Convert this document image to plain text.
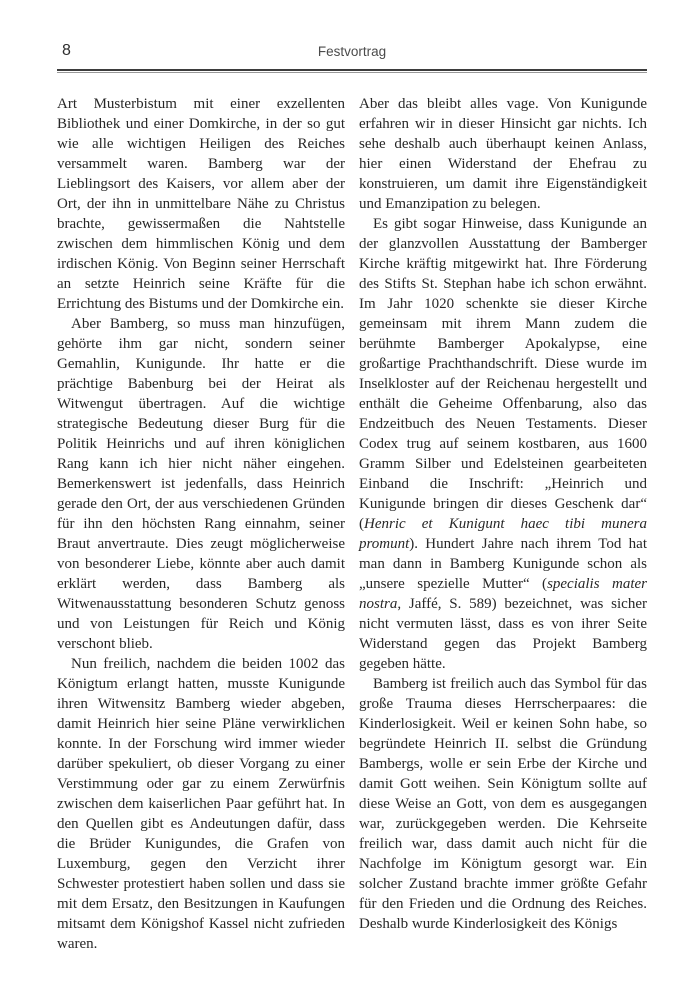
8	Festvortrag

Art Musterbistum mit einer exzellenten Bibliothek und einer Domkirche, in der so gut wie alle wichtigen Heiligen des Reiches versammelt waren. Bamberg war der Lieblingsort des Kaisers, vor allem aber der Ort, der ihn in unmittelbare Nähe zu Christus brachte, gewissermaßen die Nahtstelle zwischen dem himmlischen König und dem irdischen König. Von Beginn seiner Herrschaft an setzte Heinrich seine Kräfte für die Errichtung des Bistums und der Domkirche ein.

Aber Bamberg, so muss man hinzufügen, gehörte ihm gar nicht, sondern seiner Gemahlin, Kunigunde. Ihr hatte er die prächtige Babenburg bei der Heirat als Witwengut übertragen. Auf die wichtige strategische Bedeutung dieser Burg für die Politik Heinrichs und auf ihren königlichen Rang kann ich hier nicht näher eingehen. Bemerkenswert ist jedenfalls, dass Heinrich gerade den Ort, der aus verschiedenen Gründen für ihn den höchsten Rang einnahm, seiner Braut anvertraute. Dies zeugt möglicherweise von besonderer Liebe, könnte aber auch damit erklärt werden, dass Bamberg als Witwenausstattung besonderen Schutz genoss und von Leistungen für Reich und König verschont blieb.

Nun freilich, nachdem die beiden 1002 das Königtum erlangt hatten, musste Kunigunde ihren Witwensitz Bamberg wieder abgeben, damit Heinrich hier seine Pläne verwirklichen konnte. In der Forschung wird immer wieder darüber spekuliert, ob dieser Vorgang zu einer Verstimmung oder gar zu einem Zerwürfnis zwischen dem kaiserlichen Paar geführt hat. In den Quellen gibt es Andeutungen dafür, dass die Brüder Kunigundes, die Grafen von Luxemburg, gegen den Verzicht ihrer Schwester protestiert haben sollen und dass sie mit dem Ersatz, den Besitzungen in Kaufungen mitsamt dem Königshof Kassel nicht zufrieden waren.

Aber das bleibt alles vage. Von Kunigunde erfahren wir in dieser Hinsicht gar nichts. Ich sehe deshalb auch überhaupt keinen Anlass, hier einen Widerstand der Ehefrau zu konstruieren, um damit ihre Eigenständigkeit und Emanzipation zu belegen.

Es gibt sogar Hinweise, dass Kunigunde an der glanzvollen Ausstattung der Bamberger Kirche kräftig mitgewirkt hat. Ihre Förderung des Stifts St. Stephan habe ich schon erwähnt. Im Jahr 1020 schenkte sie dieser Kirche gemeinsam mit ihrem Mann zudem die berühmte Bamberger Apokalypse, eine großartige Prachthandschrift. Diese wurde im Inselkloster auf der Reichenau hergestellt und enthält die Geheime Offenbarung, also das Endzeitbuch des Neuen Testaments. Dieser Codex trug auf seinem kostbaren, aus 1600 Gramm Silber und Edelsteinen gearbeiteten Einband die Inschrift: „Heinrich und Kunigunde bringen dir dieses Geschenk dar“ (Henric et Kunigunt haec tibi munera promunt). Hundert Jahre nach ihrem Tod hat man dann in Bamberg Kunigunde schon als „unsere spezielle Mutter“ (specialis mater nostra, Jaffé, S. 589) bezeichnet, was sicher nicht vermuten lässt, dass es von ihrer Seite Widerstand gegen das Projekt Bamberg gegeben hätte.

Bamberg ist freilich auch das Symbol für das große Trauma dieses Herrscherpaares: die Kinderlosigkeit. Weil er keinen Sohn habe, so begründete Heinrich II. selbst die Gründung Bambergs, wolle er sein Erbe der Kirche und damit Gott weihen. Sein Königtum sollte auf diese Weise an Gott, von dem es ausgegangen war, zurückgegeben werden. Die Kehrseite freilich war, dass damit auch nicht für die Nachfolge im Königtum gesorgt war. Ein solcher Zustand brachte immer größte Gefahr für den Frieden und die Ordnung des Reiches. Deshalb wurde Kinderlosigkeit des Königs
